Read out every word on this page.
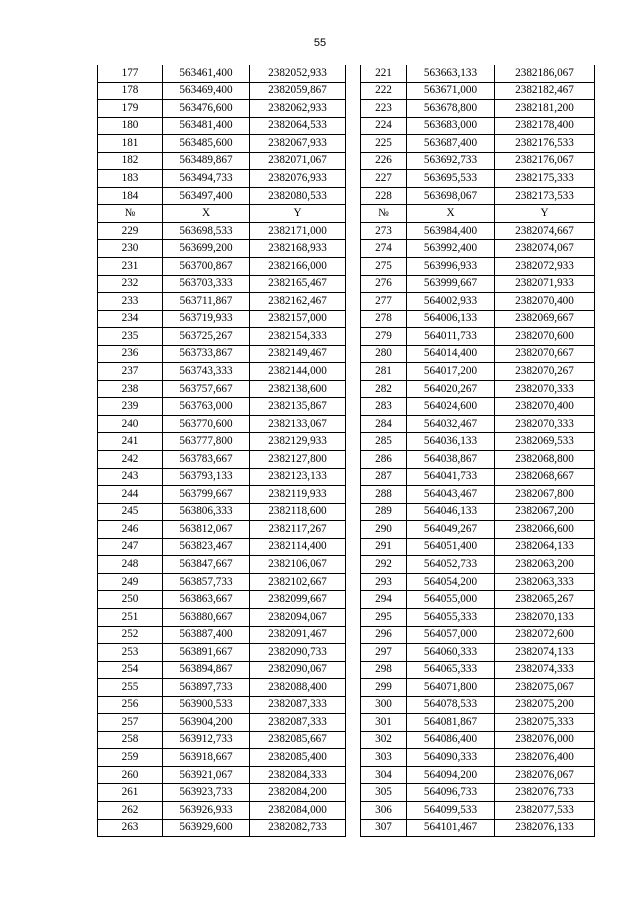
55
177	563461,400	2382052,933		221	563663,133	2382186,067
178	563469,400	2382059,867		222	563671,000	2382182,467
179	563476,600	2382062,933		223	563678,800	2382181,200
180	563481,400	2382064,533		224	563683,000	2382178,400
181	563485,600	2382067,933		225	563687,400	2382176,533
182	563489,867	2382071,067		226	563692,733	2382176,067
183	563494,733	2382076,933		227	563695,533	2382175,333
184	563497,400	2382080,533		228	563698,067	2382173,533
№	X	Y		№	X	Y
229	563698,533	2382171,000		273	563984,400	2382074,667
230	563699,200	2382168,933		274	563992,400	2382074,067
231	563700,867	2382166,000		275	563996,933	2382072,933
232	563703,333	2382165,467		276	563999,667	2382071,933
233	563711,867	2382162,467		277	564002,933	2382070,400
234	563719,933	2382157,000		278	564006,133	2382069,667
235	563725,267	2382154,333		279	564011,733	2382070,600
236	563733,867	2382149,467		280	564014,400	2382070,667
237	563743,333	2382144,000		281	564017,200	2382070,267
238	563757,667	2382138,600		282	564020,267	2382070,333
239	563763,000	2382135,867		283	564024,600	2382070,400
240	563770,600	2382133,067		284	564032,467	2382070,333
241	563777,800	2382129,933		285	564036,133	2382069,533
242	563783,667	2382127,800		286	564038,867	2382068,800
243	563793,133	2382123,133		287	564041,733	2382068,667
244	563799,667	2382119,933		288	564043,467	2382067,800
245	563806,333	2382118,600		289	564046,133	2382067,200
246	563812,067	2382117,267		290	564049,267	2382066,600
247	563823,467	2382114,400		291	564051,400	2382064,133
248	563847,667	2382106,067		292	564052,733	2382063,200
249	563857,733	2382102,667		293	564054,200	2382063,333
250	563863,667	2382099,667		294	564055,000	2382065,267
251	563880,667	2382094,067		295	564055,333	2382070,133
252	563887,400	2382091,467		296	564057,000	2382072,600
253	563891,667	2382090,733		297	564060,333	2382074,133
254	563894,867	2382090,067		298	564065,333	2382074,333
255	563897,733	2382088,400		299	564071,800	2382075,067
256	563900,533	2382087,333		300	564078,533	2382075,200
257	563904,200	2382087,333		301	564081,867	2382075,333
258	563912,733	2382085,667		302	564086,400	2382076,000
259	563918,667	2382085,400		303	564090,333	2382076,400
260	563921,067	2382084,333		304	564094,200	2382076,067
261	563923,733	2382084,200		305	564096,733	2382076,733
262	563926,933	2382084,000		306	564099,533	2382077,533
263	563929,600	2382082,733		307	564101,467	2382076,133
